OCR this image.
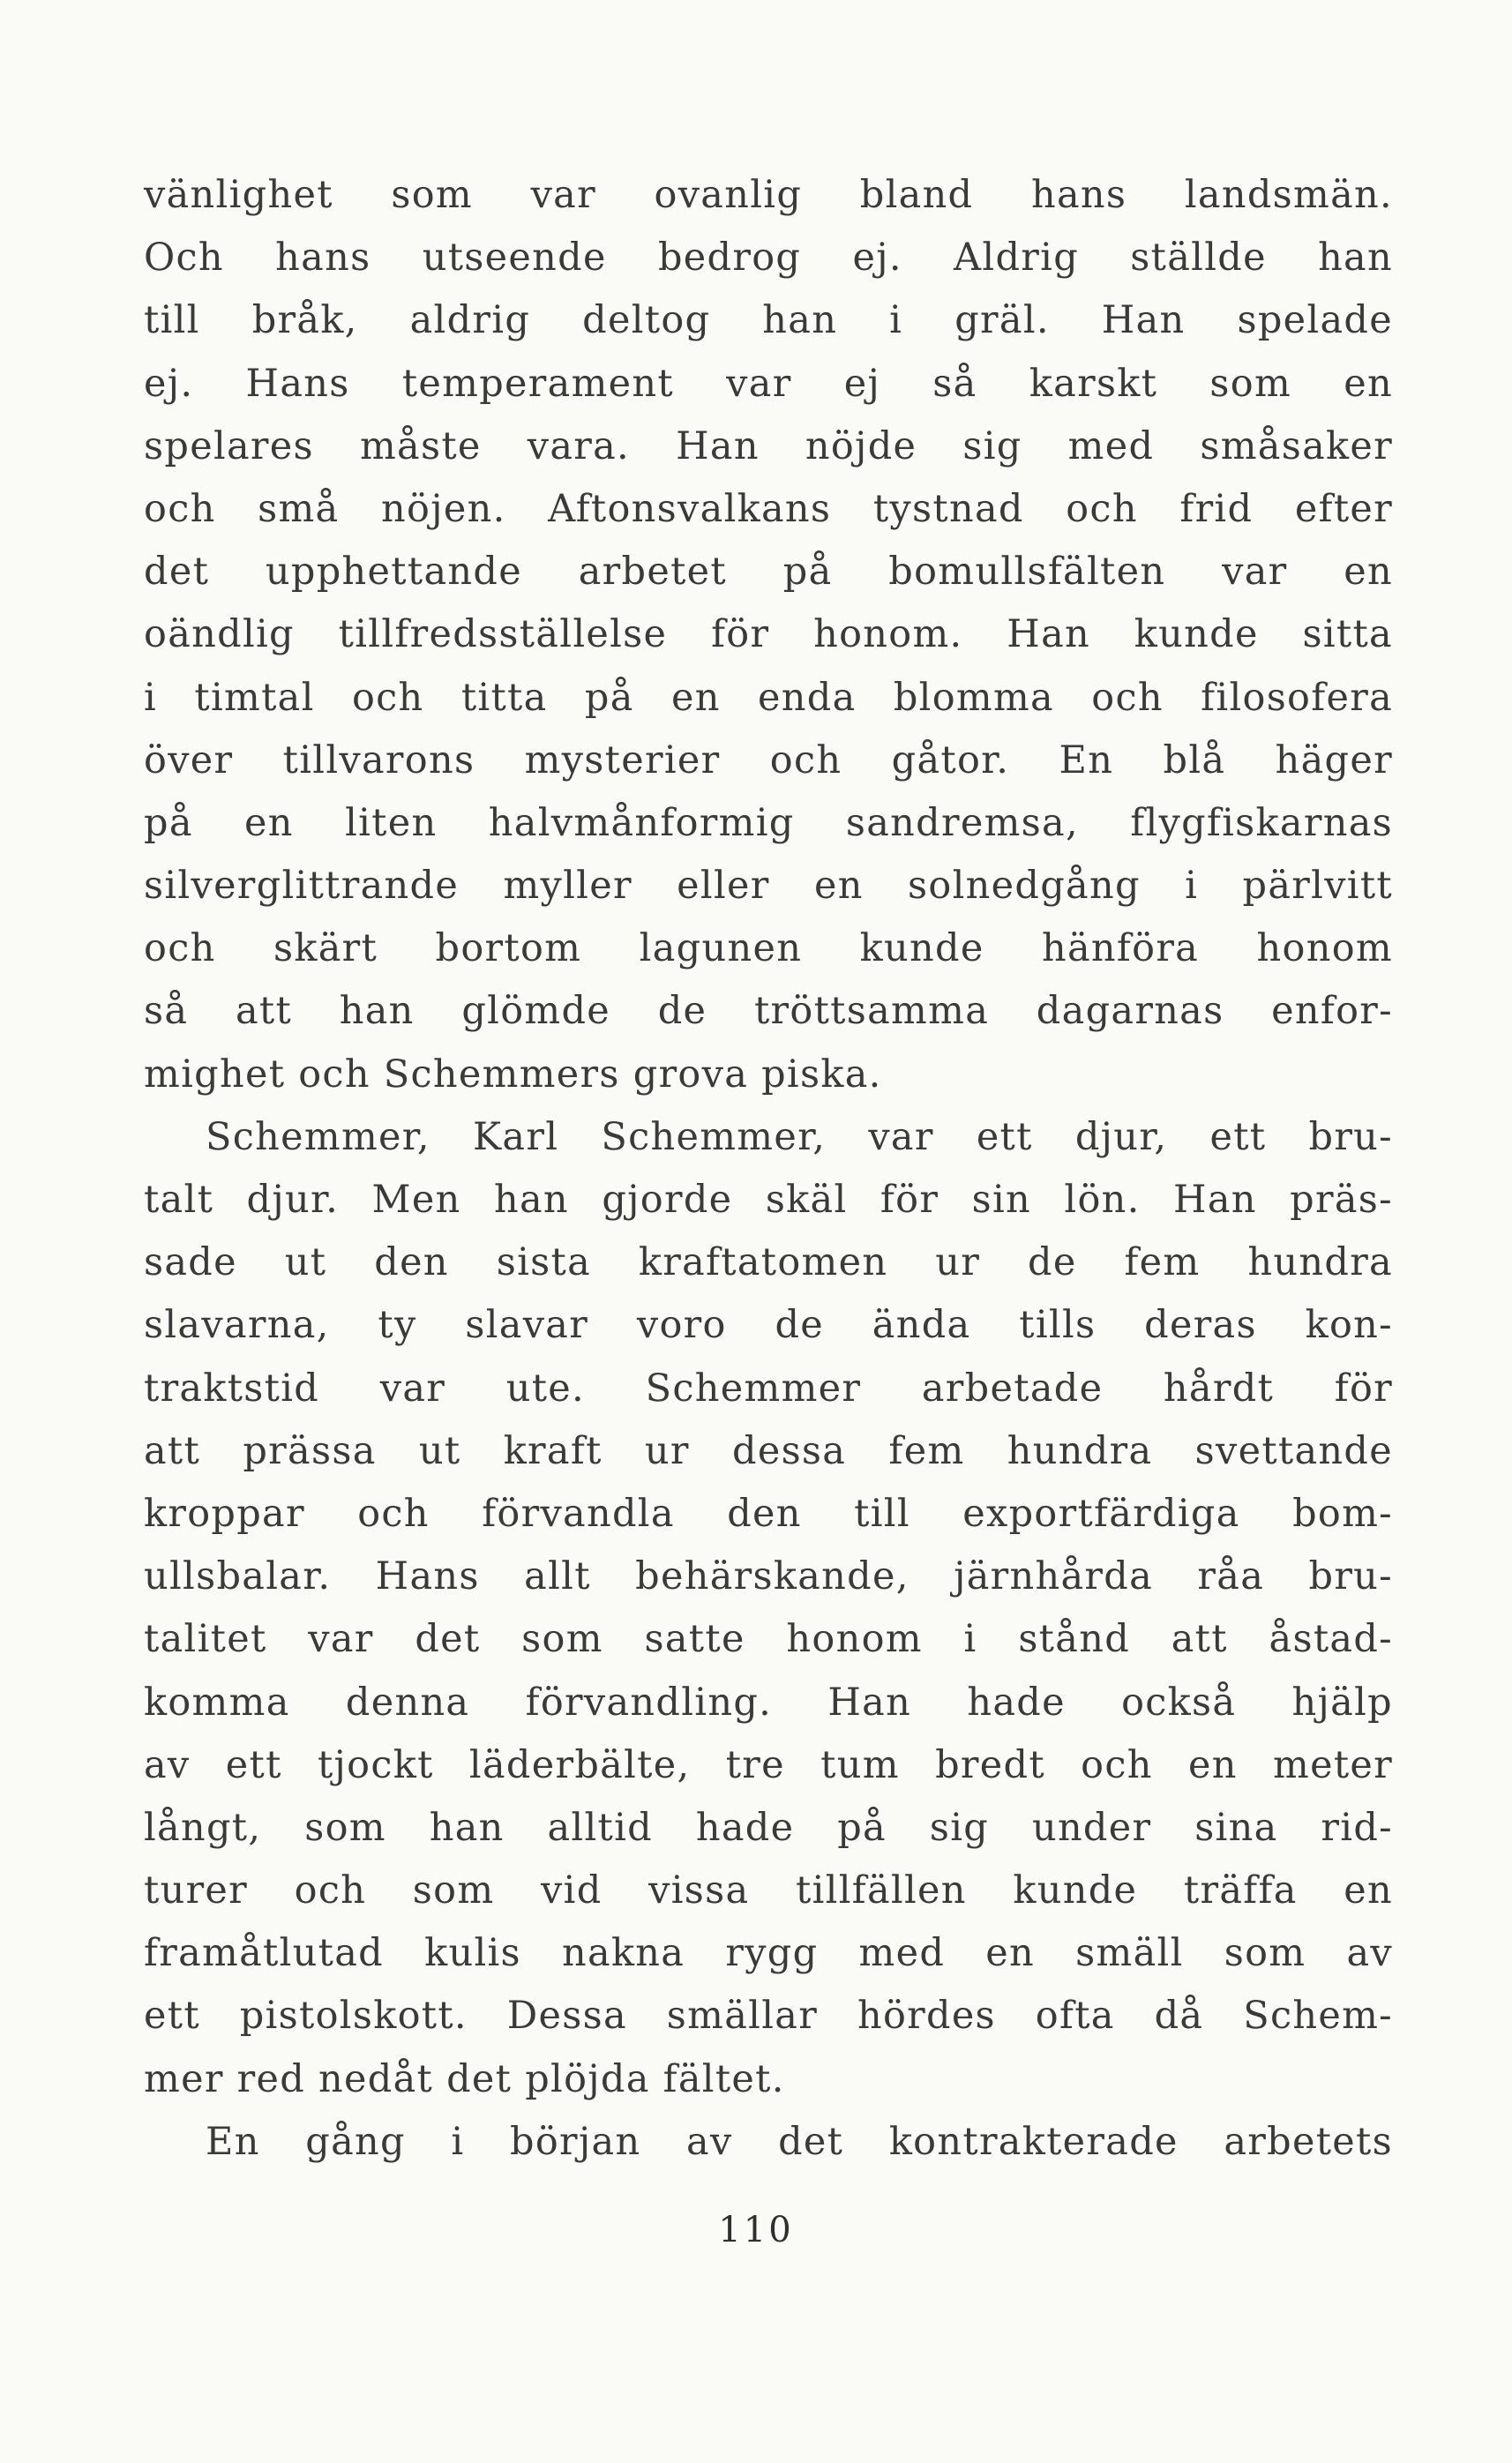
vänlighet som var ovanlig bland hans landsmän.
Och hans utseende bedrog ej. Aldrig ställde han
till bråk, aldrig deltog han i gräl. Han spelade
ej. Hans temperament var ej så karskt som en
spelares måste vara. Han nöjde sig med småsaker
och små nöjen. Aftonsvalkans tystnad och frid efter
det upphettande arbetet på bomullsfälten var en
oändlig tillfredsställelse för honom. Han kunde sitta
i timtal och titta på en enda blomma och filosofera
över tillvarons mysterier och gåtor. En blå häger
på en liten halvmånformig sandremsa, flygfiskarnas
silverglittrande myller eller en solnedgång i pärlvitt
och skärt bortom lagunen kunde hänföra honom
så att han glömde de tröttsamma dagarnas enfor-
mighet och Schemmers grova piska.
Schemmer, Karl Schemmer, var ett djur, ett bru-
talt djur. Men han gjorde skäl för sin lön. Han präs-
sade ut den sista kraftatomen ur de fem hundra
slavarna, ty slavar voro de ända tills deras kon-
traktstid var ute. Schemmer arbetade hårdt för
att prässa ut kraft ur dessa fem hundra svettande
kroppar och förvandla den till exportfärdiga bom-
ullsbalar. Hans allt behärskande, järnhårda råa bru-
talitet var det som satte honom i stånd att åstad-
komma denna förvandling. Han hade också hjälp
av ett tjockt läderbälte, tre tum bredt och en meter
långt, som han alltid hade på sig under sina rid-
turer och som vid vissa tillfällen kunde träffa en
framåtlutad kulis nakna rygg med en smäll som av
ett pistolskott. Dessa smällar hördes ofta då Schem-
mer red nedåt det plöjda fältet.
En gång i början av det kontrakterade arbetets
110
